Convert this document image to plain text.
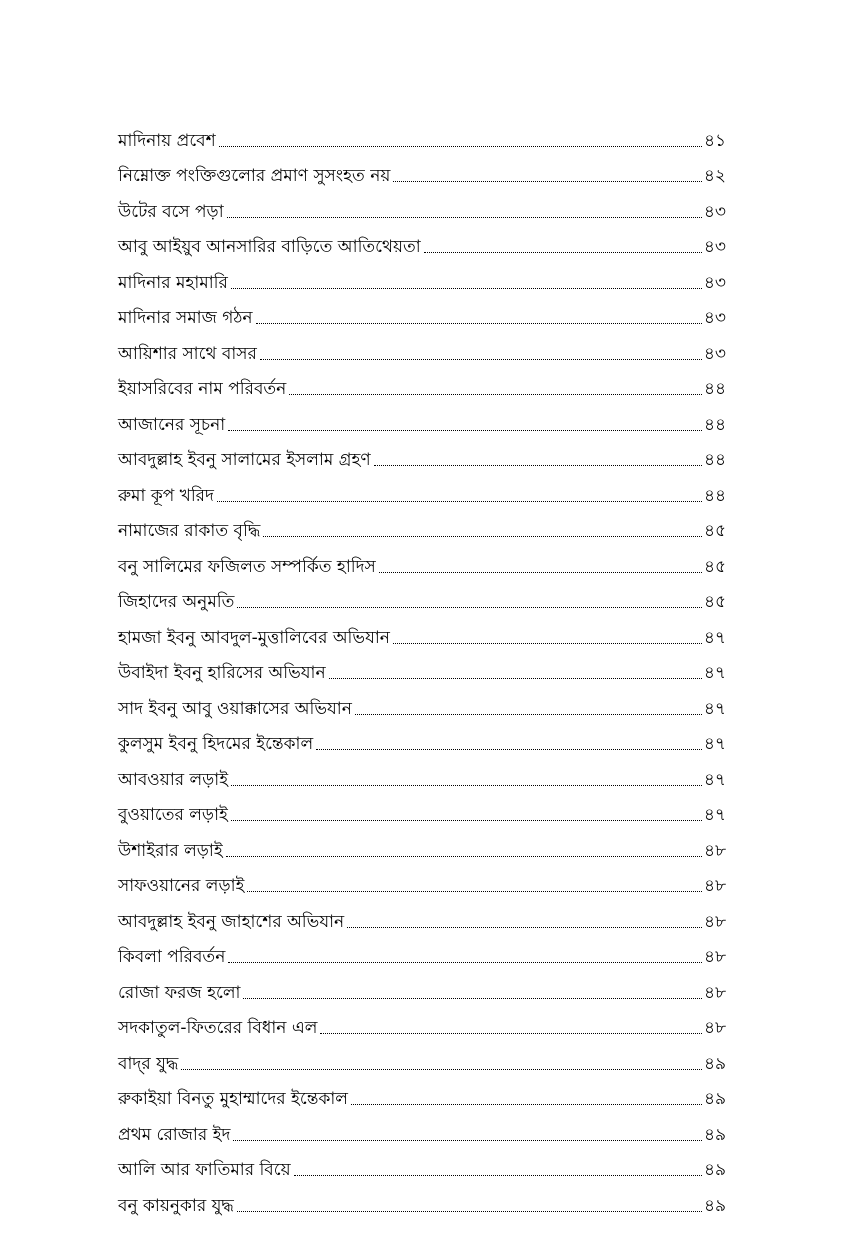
মাদিনায় প্রবেশ	৪১
নিম্নোক্ত পংক্তিগুলোর প্রমাণ সুসংহত নয়	৪২
উটের বসে পড়া	৪৩
আবু আইয়ুব আনসারির বাড়িতে আতিথেয়তা	৪৩
মাদিনার মহামারি	৪৩
মাদিনার সমাজ গঠন	৪৩
আয়িশার সাথে বাসর	৪৩
ইয়াসরিবের নাম পরিবর্তন	৪৪
আজানের সূচনা	৪৪
আবদুল্লাহ ইবনু সালামের ইসলাম গ্রহণ	৪৪
রুমা কূপ খরিদ	৪৪
নামাজের রাকাত বৃদ্ধি	৪৫
বনু সালিমের ফজিলত সম্পর্কিত হাদিস	৪৫
জিহাদের অনুমতি	৪৫
হামজা ইবনু আবদুল-মুত্তালিবের অভিযান	৪৭
উবাইদা ইবনু হারিসের অভিযান	৪৭
সাদ ইবনু আবু ওয়াক্কাসের অভিযান	৪৭
কুলসুম ইবনু হিদমের ইন্তেকাল	৪৭
আবওয়ার লড়াই	৪৭
বুওয়াতের লড়াই	৪৭
উশাইরার লড়াই	৪৮
সাফওয়ানের লড়াই	৪৮
আবদুল্লাহ ইবনু জাহাশের অভিযান	৪৮
কিবলা পরিবর্তন	৪৮
রোজা ফরজ হলো	৪৮
সদকাতুল-ফিতরের বিধান এল	৪৮
বাদ্‌র যুদ্ধ	৪৯
রুকাইয়া বিনতু মুহাম্মাদের ইন্তেকাল	৪৯
প্রথম রোজার ইদ	৪৯
আলি আর ফাতিমার বিয়ে	৪৯
বনু কায়নুকার যুদ্ধ	৪৯
